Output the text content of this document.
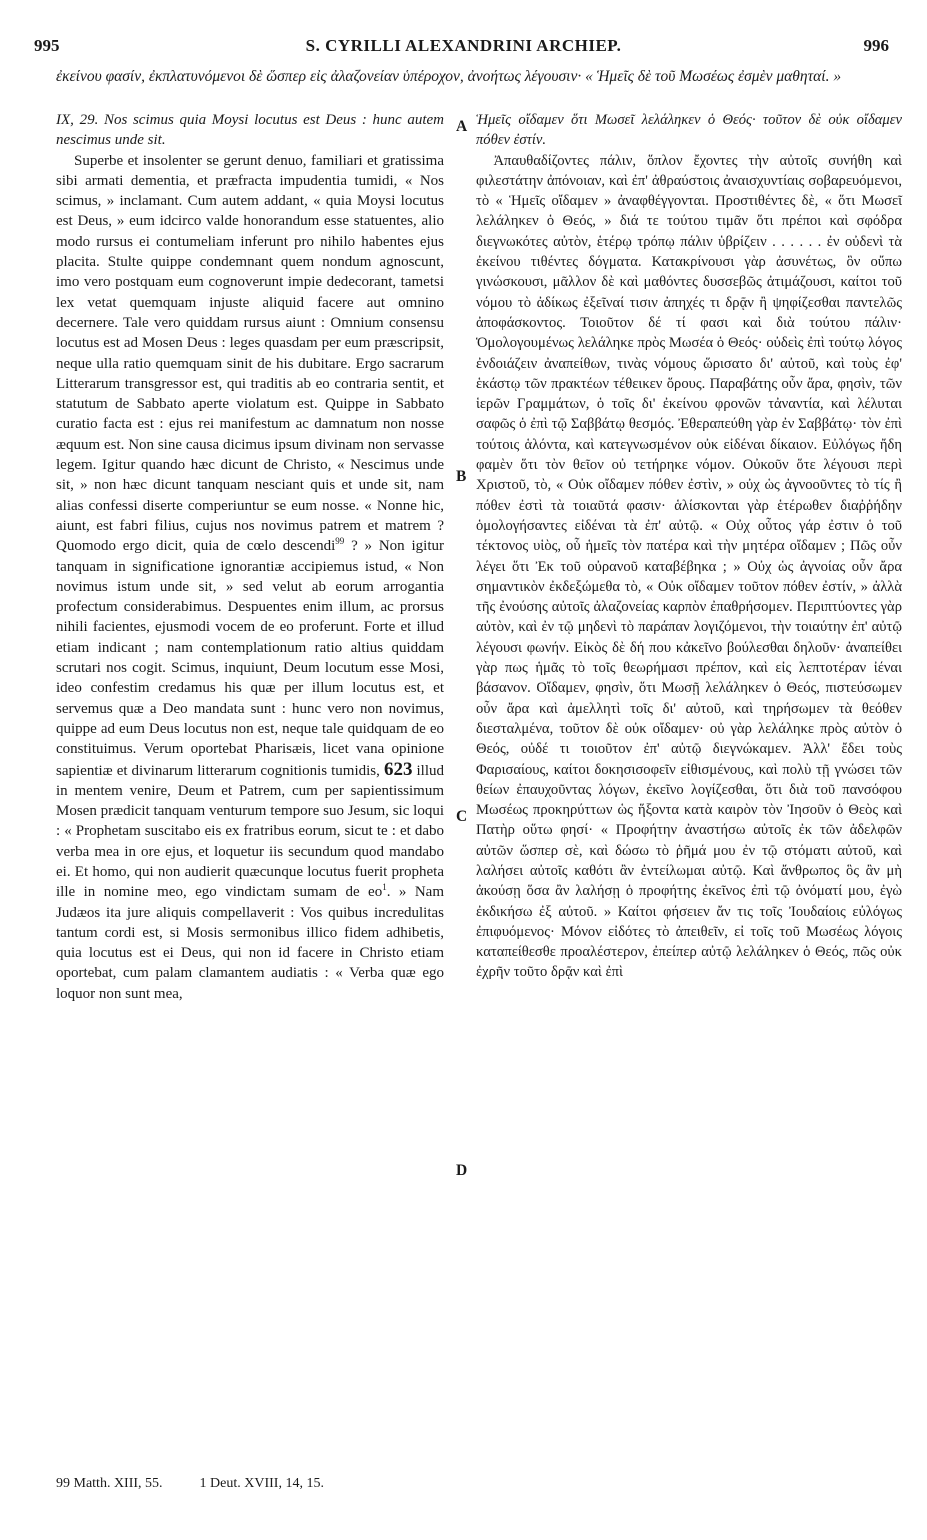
995	S. CYRILLI ALEXANDRINI ARCHIEP.	996
ἐκείνου φασίν, ἐκπλατυνόμενοι δὲ ὥσπερ εἰς ἀλαζονείαν ὑπέροχον, ἀνοήτως λέγουσιν· « Ἡμεῖς δὲ τοῦ Μωσέως ἐσμὲν μαθηταί. »

IX, 29. Nos scimus quia Moysi locutus est Deus : hunc autem nescimus unde sit.

Superbe et insolenter se gerunt denuo, familiari et gratissima sibi armati dementia, et præfracta impudentia tumidi, « Nos scimus, » inclamant. Cum autem addant, « quia Moysi locutus est Deus, » eum idcirco valde honorandum esse statuentes, alio modo rursus ei contumeliam inferunt pro nihilo habentes ejus placita. Stulte quippe condemnant quem nondum agnoscunt, imo vero postquam eum cognoverunt impie dedecorant, tametsi lex vetat quemquam injuste aliquid facere aut omnino decernere. Tale vero quiddam rursus aiunt : Omnium consensu locutus est ad Mosen Deus : leges quasdam per eum præscripsit, neque ulla ratio quemquam sinit de his dubitare. Ergo sacrarum Litterarum transgressor est, qui traditis ab eo contraria sentit, et statutum de Sabbato aperte violatum est. Quippe in Sabbato curatio facta est : ejus rei manifestum ac damnatum non nosse æquum est. Non sine causa dicimus ipsum divinam non servasse legem. Igitur quando hæc dicunt de Christo, « Nescimus unde sit, » non hæc dicunt tanquam nesciant quis et unde sit, nam alias confessi diserte comperiuntur se eum nosse. « Nonne hic, aiunt, est fabri filius, cujus nos novimus patrem et matrem ? Quomodo ergo dicit, quia de cœlo descendi$^{99}$ ? » Non igitur tanquam in significatione ignorantiæ accipiemus istud, « Non novimus istum unde sit, » sed velut ab eorum arrogantia profectum considerabimus. Despuentes enim illum, ac prorsus nihili facientes, ejusmodi vocem de eo proferunt. Forte et illud etiam indicant ; nam contemplationum ratio altius quiddam scrutari nos cogit. Scimus, inquiunt, Deum locutum esse Mosi, ideo confestim credamus his quæ per illum locutus est, et servemus quæ a Deo mandata sunt : hunc vero non novimus, quippe ad eum Deus locutus non est, neque tale quidquam de eo constituimus. Verum oportebat Pharisæis, licet vana opinione sapientiæ et divinarum litterarum cognitionis tumidis, 623 illud in mentem venire, Deum et Patrem, cum per sapientissimum Mosen prædicit tanquam venturum tempore suo Jesum, sic loqui : « Prophetam suscitabo eis ex fratribus eorum, sicut te : et dabo verba mea in ore ejus, et loquetur iis secundum quod mandabo ei. Et homo, qui non audierit quæcunque locutus fuerit propheta ille in nomine meo, ego vindictam sumam de $eo^1$. » Nam Judæos ita jure aliquis compellaverit : Vos quibus incredulitas tantum cordi est, si Mosis sermonibus illico fidem adhibetis, quia locutus est ei Deus, qui non id facere in Christo etiam oportebat, cum palam clamantem audiatis : « Verba quæ ego loquor non sunt mea,

A
B
C
D

Ἡμεῖς οἴδαμεν ὅτι Μωσεῖ λελάληκεν ὁ Θεός· τοῦτον δὲ οὐκ οἴδαμεν πόθεν ἐστίν.

Ἀπαυθαδίζοντες πάλιν, ὅπλον ἔχοντες τὴν αὐτοῖς συνήθη καὶ φιλεστάτην ἀπόνοιαν, καὶ ἐπ' ἀθραύστοις ἀναισχυντίαις σοβαρευόμενοι, τὸ « Ἡμεῖς οἴδαμεν » ἀναφθέγγονται. Προστιθέντες δὲ, « ὅτι Μωσεῖ λελάληκεν ὁ Θεός, » διά τε τούτου τιμᾶν ὅτι πρέποι καὶ σφόδρα διεγνωκότες αὐτὸν, ἑτέρῳ τρόπῳ πάλιν ὑβρίζειν . . . . . . ἐν οὐδενὶ τὰ ἐκείνου τιθέντες δόγματα. Κατακρίνουσι γὰρ ἀσυνέτως, ὃν οὔπω γινώσκουσι, μᾶλλον δὲ καὶ μαθόντες δυσσεβῶς ἀτιμάζουσι, καίτοι τοῦ νόμου τὸ ἀδίκως ἐξεῖναί τισιν ἀπηχές τι δρᾷν ἢ ψηφίζεσθαι παντελῶς ἀποφάσκοντος. Τοιοῦτον δέ τί φασι καὶ διὰ τούτου πάλιν· Ὁμολογουμένως λελάληκε πρὸς Μωσέα ὁ Θεός· οὐδεὶς ἐπὶ τούτῳ λόγος ἐνδοιάζειν ἀναπείθων, τινὰς νόμους ὥρισατο δι' αὐτοῦ, καὶ τοὺς ἐφ' ἑκάστῳ τῶν πρακτέων τέθεικεν ὅρους. Παραβάτης οὖν ἄρα, φησὶν, τῶν ἱερῶν Γραμμάτων, ὁ τοῖς δι' ἐκείνου φρονῶν τἀναντία, καὶ λέλυται σαφῶς ὁ ἐπὶ τῷ Σαββάτῳ θεσμός. Ἐθεραπεύθη γὰρ ἐν Σαββάτῳ· τὸν ἐπὶ τούτοις ἁλόντα, καὶ κατεγνωσμένον οὐκ εἰδέναι δίκαιον. Εὐλόγως ἤδη φαμὲν ὅτι τὸν θεῖον οὐ τετήρηκε νόμον. Οὐκοῦν ὅτε λέγουσι περὶ Χριστοῦ, τὸ, « Οὐκ οἴδαμεν πόθεν ἐστὶν, » οὐχ ὡς ἀγνοοῦντες τὸ τίς ἢ πόθεν ἐστὶ τὰ τοιαῦτά φασιν· ἁλίσκονται γὰρ ἑτέρωθεν διαῤῥήδην ὁμολογήσαντες εἰδέναι τὰ ἐπ' αὐτῷ. « Οὐχ οὗτος γάρ ἐστιν ὁ τοῦ τέκτονος υἱὸς, οὗ ἡμεῖς τὸν πατέρα καὶ τὴν μητέρα οἴδαμεν ; Πῶς οὖν λέγει ὅτι Ἐκ τοῦ οὐρανοῦ καταβέβηκα ; » Οὐχ ὡς ἀγνοίας οὖν ἄρα σημαντικὸν ἐκδεξώμεθα τὸ, « Οὐκ οἴδαμεν τοῦτον πόθεν ἐστίν, » ἀλλὰ τῆς ἐνούσης αὐτοῖς ἀλαζονείας καρπὸν ἐπαθρήσομεν. Περιπτύοντες γὰρ αὐτὸν, καὶ ἐν τῷ μηδενὶ τὸ παράπαν λογιζόμενοι, τὴν τοιαύτην ἐπ' αὐτῷ λέγουσι φωνήν. Εἰκὸς δὲ δή που κἀκεῖνο βούλεσθαι δηλοῦν· ἀναπείθει γὰρ πως ἡμᾶς τὸ τοῖς θεωρήμασι πρέπον, καὶ εἰς λεπτοτέραν ἰέναι βάσανον. Οἴδαμεν, φησὶν, ὅτι Μωσῇ λελάληκεν ὁ Θεός, πιστεύσωμεν οὖν ἄρα καὶ ἀμελλητὶ τοῖς δι' αὐτοῦ, καὶ τηρήσωμεν τὰ θεόθεν διεσταλμένα, τοῦτον δὲ οὐκ οἴδαμεν· οὐ γὰρ λελάληκε πρὸς αὐτὸν ὁ Θεός, οὐδέ τι τοιοῦτον ἐπ' αὐτῷ διεγνώκαμεν. Ἀλλ' ἔδει τοὺς Φαρισαίους, καίτοι δοκησισοφεῖν εἰθισμένους, καὶ πολὺ τῇ γνώσει τῶν θείων ἐπαυχοῦντας λόγων, ἐκεῖνο λογίζεσθαι, ὅτι διὰ τοῦ πανσόφου Μωσέως προκηρύττων ὡς ἥξοντα κατὰ καιρὸν τὸν Ἰησοῦν ὁ Θεὸς καὶ Πατὴρ οὕτω φησί· « Προφήτην ἀναστήσω αὐτοῖς ἐκ τῶν ἀδελφῶν αὐτῶν ὥσπερ σὲ, καὶ δώσω τὸ ῥῆμά μου ἐν τῷ στόματι αὐτοῦ, καὶ λαλήσει αὐτοῖς καθότι ἂν ἐντείλωμαι αὐτῷ. Καὶ ἄνθρωπος ὃς ἂν μὴ ἀκούσῃ ὅσα ἂν λαλήσῃ ὁ προφήτης ἐκεῖνος ἐπὶ τῷ ὀνόματί μου, ἐγὼ ἐκδικήσω ἐξ αὐτοῦ. » Καίτοι φήσειεν ἄν τις τοῖς Ἰουδαίοις εὐλόγως ἐπιφυόμενος· Μόνον εἰδότες τὸ ἀπειθεῖν, εἰ τοῖς τοῦ Μωσέως λόγοις καταπείθεσθε προαλέστερον, ἐπείπερ αὐτῷ λελάληκεν ὁ Θεός, πῶς οὐκ ἐχρῆν τοῦτο δρᾷν καὶ ἐπὶ

99 Matth. XIII, 55.	1 Deut. XVIII, 14, 15.
